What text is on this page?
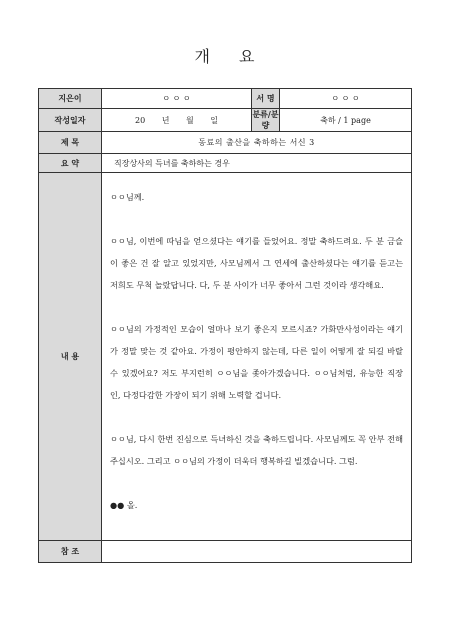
개 요
지은이	ㅇ ㅇ ㅇ	서 명	ㅇ ㅇ ㅇ
작성일자	20 년 월 일	분류/분량	축하 / 1 page
제 목	동료의 출산을 축하하는 서신 3		
요 약	직장상사의 득녀를 축하하는 경우		
내 용	ㅇㅇ님께.

ㅇㅇ님, 이번에 따님을 얻으셨다는 얘기를 들었어요. 정말 축하드려요. 두 분 금슬이 좋은 건 잘 알고 있었지만, 사모님께서 그 연세에 출산하셨다는 얘기를 듣고는 저희도 무척 놀랐답니다. 다, 두 분 사이가 너무 좋아서 그런 것이라 생각해요.

ㅇㅇ님의 가정적인 모습이 얼마나 보기 좋은지 모르시죠? 가화만사성이라는 얘기가 정말 맞는 것 같아요. 가정이 평안하지 않는데, 다른 일이 어떻게 잘 되길 바랄 수 있겠어요? 저도 부지런히 ㅇㅇ님을 좇아가겠습니다. ㅇㅇ님처럼, 유능한 직장인, 다정다감한 가장이 되기 위해 노력할 겁니다.

ㅇㅇ님, 다시 한번 진심으로 득녀하신 것을 축하드립니다. 사모님께도 꼭 안부 전해주십시오. 그리고 ㅇㅇ님의 가정이 더욱더 행복하길 빌겠습니다. 그럼.

●● 올.		

참 조			
